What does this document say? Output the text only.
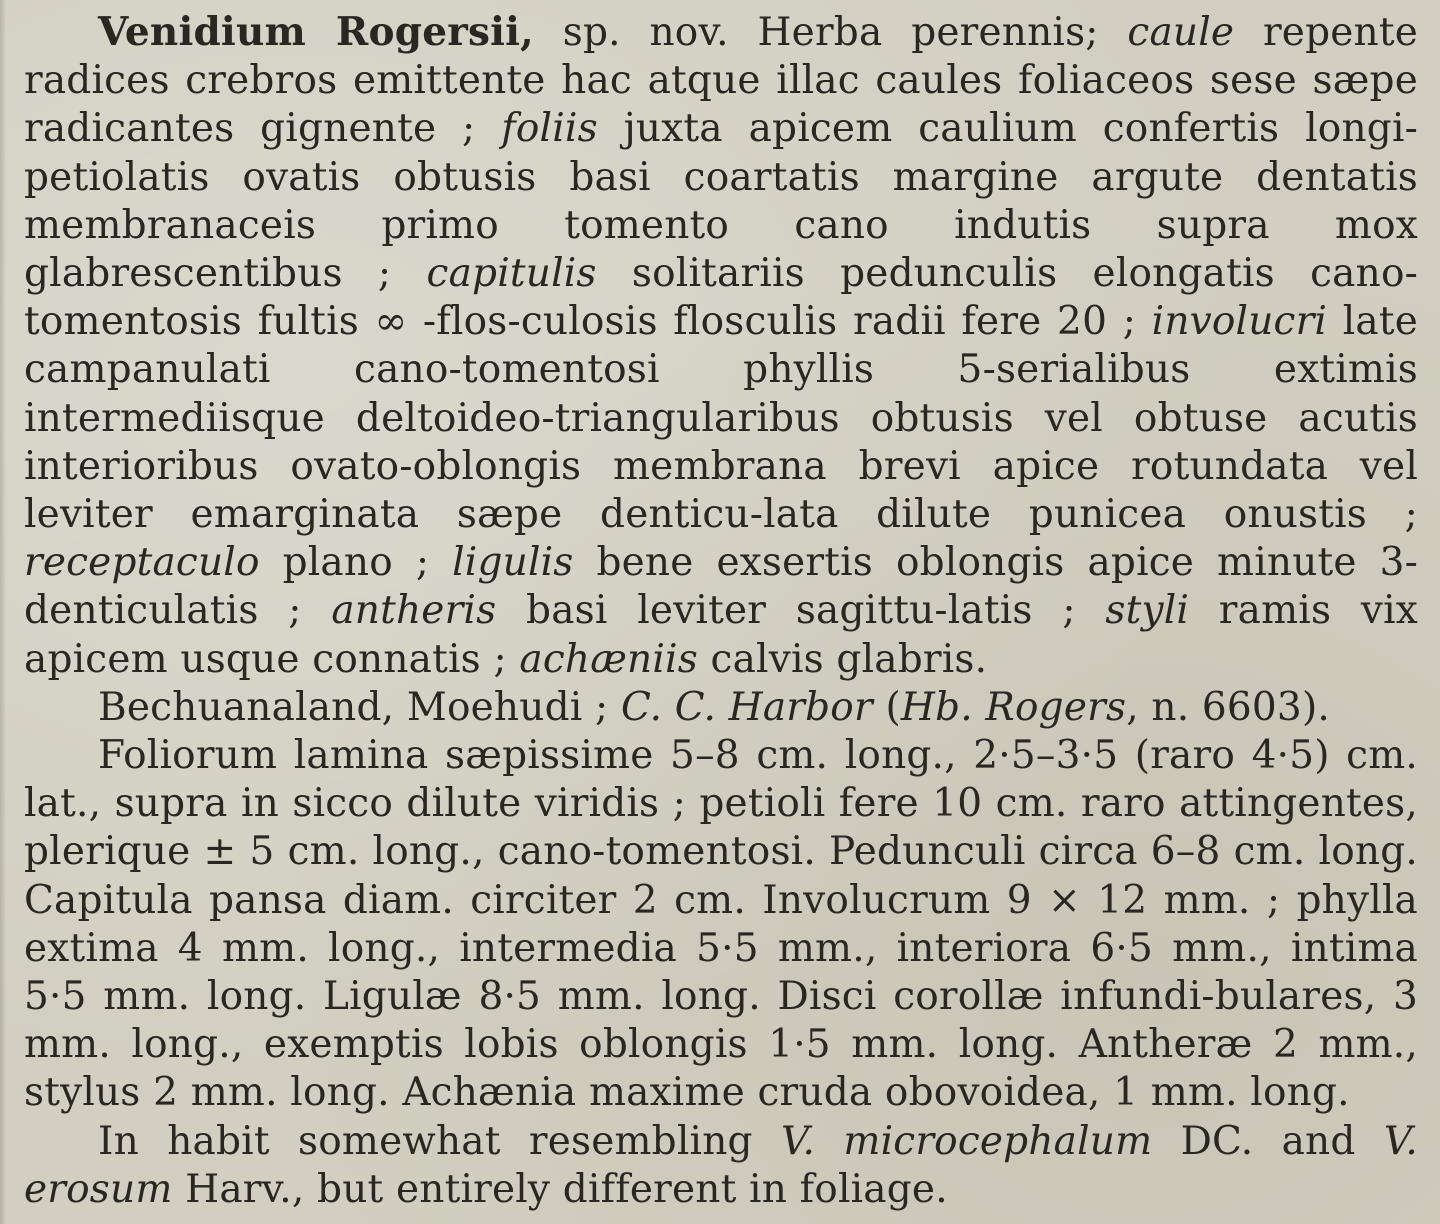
Venidium Rogersii, sp. nov. Herba perennis; caule repente radices crebros emittente hac atque illac caules foliaceos sese sæpe radicantes gignente ; foliis juxta apicem caulium confertis longi-petiolatis ovatis obtusis basi coartatis margine argute dentatis membranaceis primo tomento cano indutis supra mox glabrescentibus ; capitulis solitariis pedunculis elongatis cano-tomentosis fultis ∞ -flos-culosis flosculis radii fere 20 ; involucri late campanulati cano-tomentosi phyllis 5-serialibus extimis intermediisque deltoideo-triangularibus obtusis vel obtuse acutis interioribus ovato-oblongis membrana brevi apice rotundata vel leviter emarginata sæpe denticu-lata dilute punicea onustis ; receptaculo plano ; ligulis bene exsertis oblongis apice minute 3-denticulatis ; antheris basi leviter sagittu-latis ; styli ramis vix apicem usque connatis ; achæniis calvis glabris.

Bechuanaland, Moehudi ; C. C. Harbor (Hb. Rogers, n. 6603).

Foliorum lamina sæpissime 5–8 cm. long., 2·5–3·5 (raro 4·5) cm. lat., supra in sicco dilute viridis ; petioli fere 10 cm. raro attingentes, plerique ± 5 cm. long., cano-tomentosi. Pedunculi circa 6–8 cm. long. Capitula pansa diam. circiter 2 cm. Involucrum 9 × 12 mm. ; phylla extima 4 mm. long., intermedia 5·5 mm., interiora 6·5 mm., intima 5·5 mm. long. Ligulæ 8·5 mm. long. Disci corollæ infundi-bulares, 3 mm. long., exemptis lobis oblongis 1·5 mm. long. Antheræ 2 mm., stylus 2 mm. long. Achænia maxime cruda obovoidea, 1 mm. long.

In habit somewhat resembling V. microcephalum DC. and V. erosum Harv., but entirely different in foliage.
